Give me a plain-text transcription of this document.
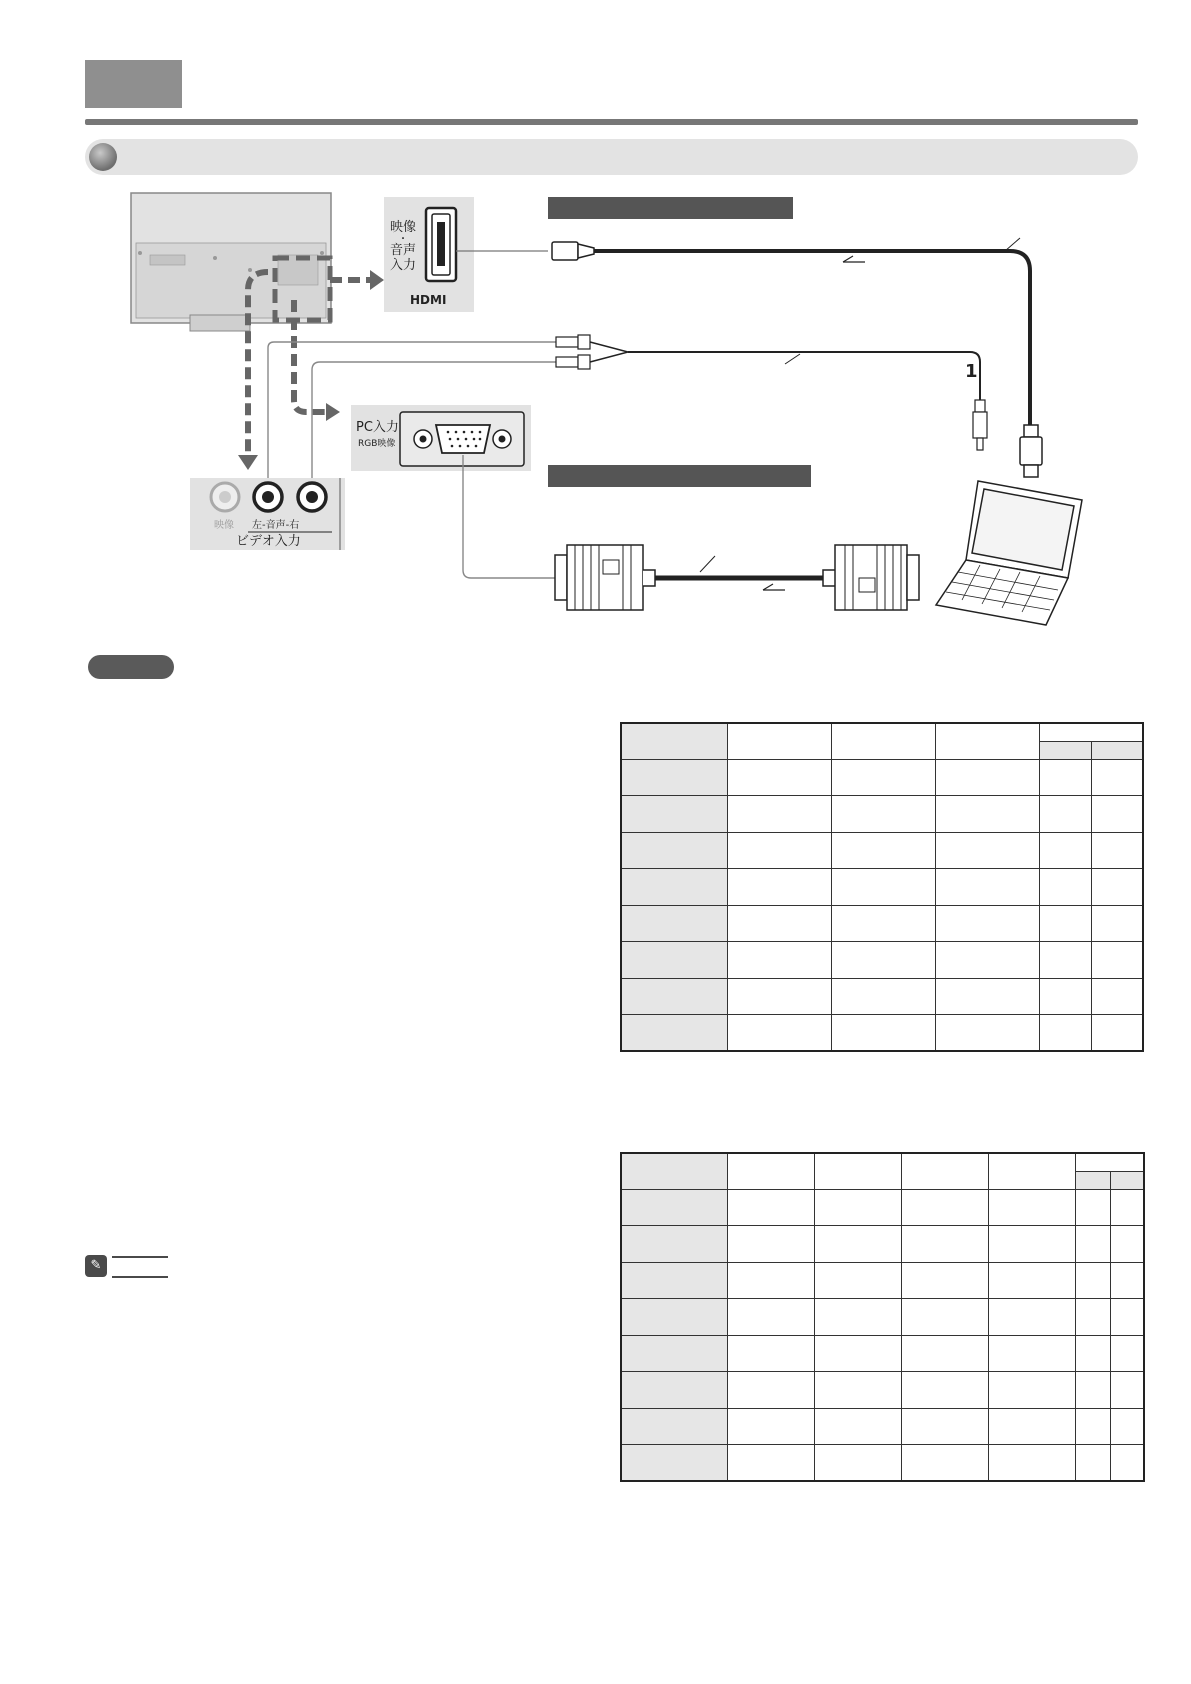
映像
・
音声
入力
HDMI
1
PC入力
RGB映像
映像 左-音声-右
ビデオ入力
✎
